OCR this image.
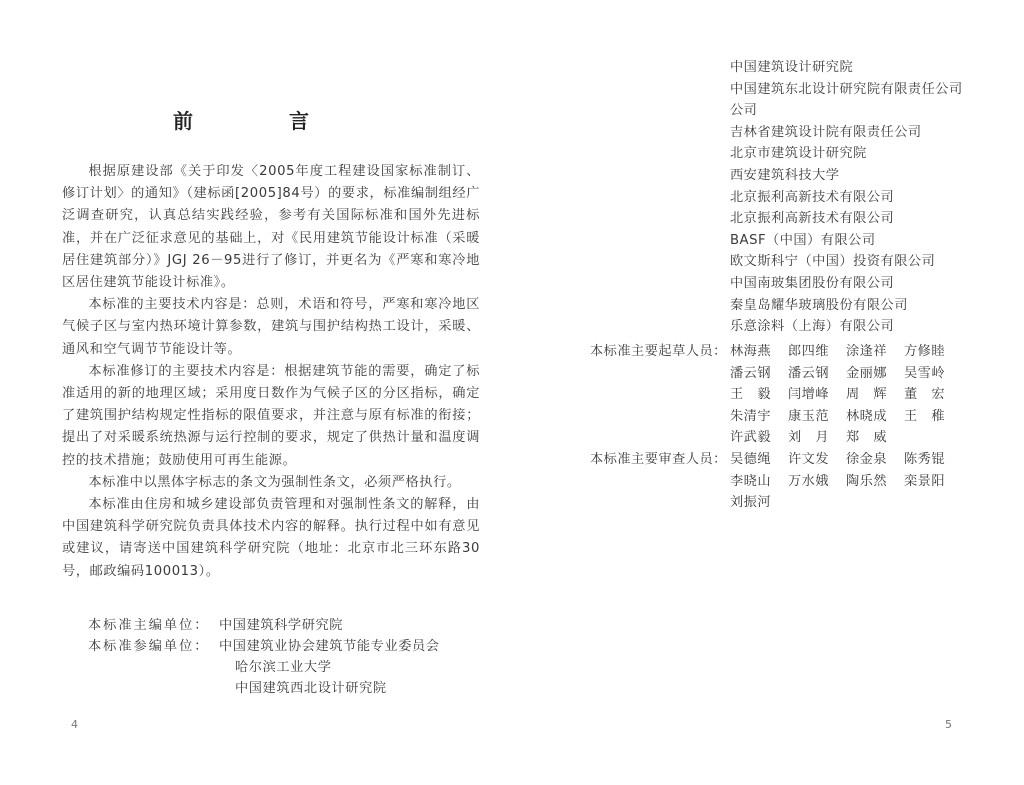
前　言

根据原建设部《关于印发〈2005年度工程建设国家标准制订、修订计划〉的通知》（建标函[2005]84号）的要求，标准编制组经广泛调查研究，认真总结实践经验，参考有关国际标准和国外先进标准，并在广泛征求意见的基础上，对《民用建筑节能设计标准（采暖居住建筑部分）》JGJ 26－95进行了修订，并更名为《严寒和寒冷地区居住建筑节能设计标准》。

本标准的主要技术内容是：总则，术语和符号，严寒和寒冷地区气候子区与室内热环境计算参数，建筑与围护结构热工设计，采暖、通风和空气调节节能设计等。

本标准修订的主要技术内容是：根据建筑节能的需要，确定了标准适用的新的地理区域；采用度日数作为气候子区的分区指标，确定了建筑围护结构规定性指标的限值要求，并注意与原有标准的衔接；提出了对采暖系统热源与运行控制的要求，规定了供热计量和温度调控的技术措施；鼓励使用可再生能源。

本标准中以黑体字标志的条文为强制性条文，必须严格执行。

本标准由住房和城乡建设部负责管理和对强制性条文的解释，由中国建筑科学研究院负责具体技术内容的解释。执行过程中如有意见或建议，请寄送中国建筑科学研究院（地址：北京市北三环东路30号，邮政编码100013）。

本标准主编单位： 中国建筑科学研究院
本标准参编单位： 中国建筑业协会建筑节能专业委员会
哈尔滨工业大学
中国建筑西北设计研究院
4
中国建筑设计研究院
中国建筑东北设计研究院有限责任公司
公司
吉林省建筑设计院有限责任公司
北京市建筑设计研究院
西安建筑科技大学
北京振利高新技术有限公司
北京振利高新技术有限公司
BASF（中国）有限公司
欧文斯科宁（中国）投资有限公司
中国南玻集团股份有限公司
秦皇岛耀华玻璃股份有限公司
乐意涂料（上海）有限公司
本标准主要起草人员： 林海燕	郎四维	涂逢祥	方修睦
潘云钢	潘云钢	金丽娜	吴雪岭
王　毅	闫增峰	周　辉	董　宏
朱清宇	康玉范	林晓成	王　稚
许武毅	刘　月	郑　威
本标准主要审查人员： 吴德绳	许文发	徐金泉	陈秀锟
李晓山	万水娥	陶乐然	栾景阳
刘振河
5
